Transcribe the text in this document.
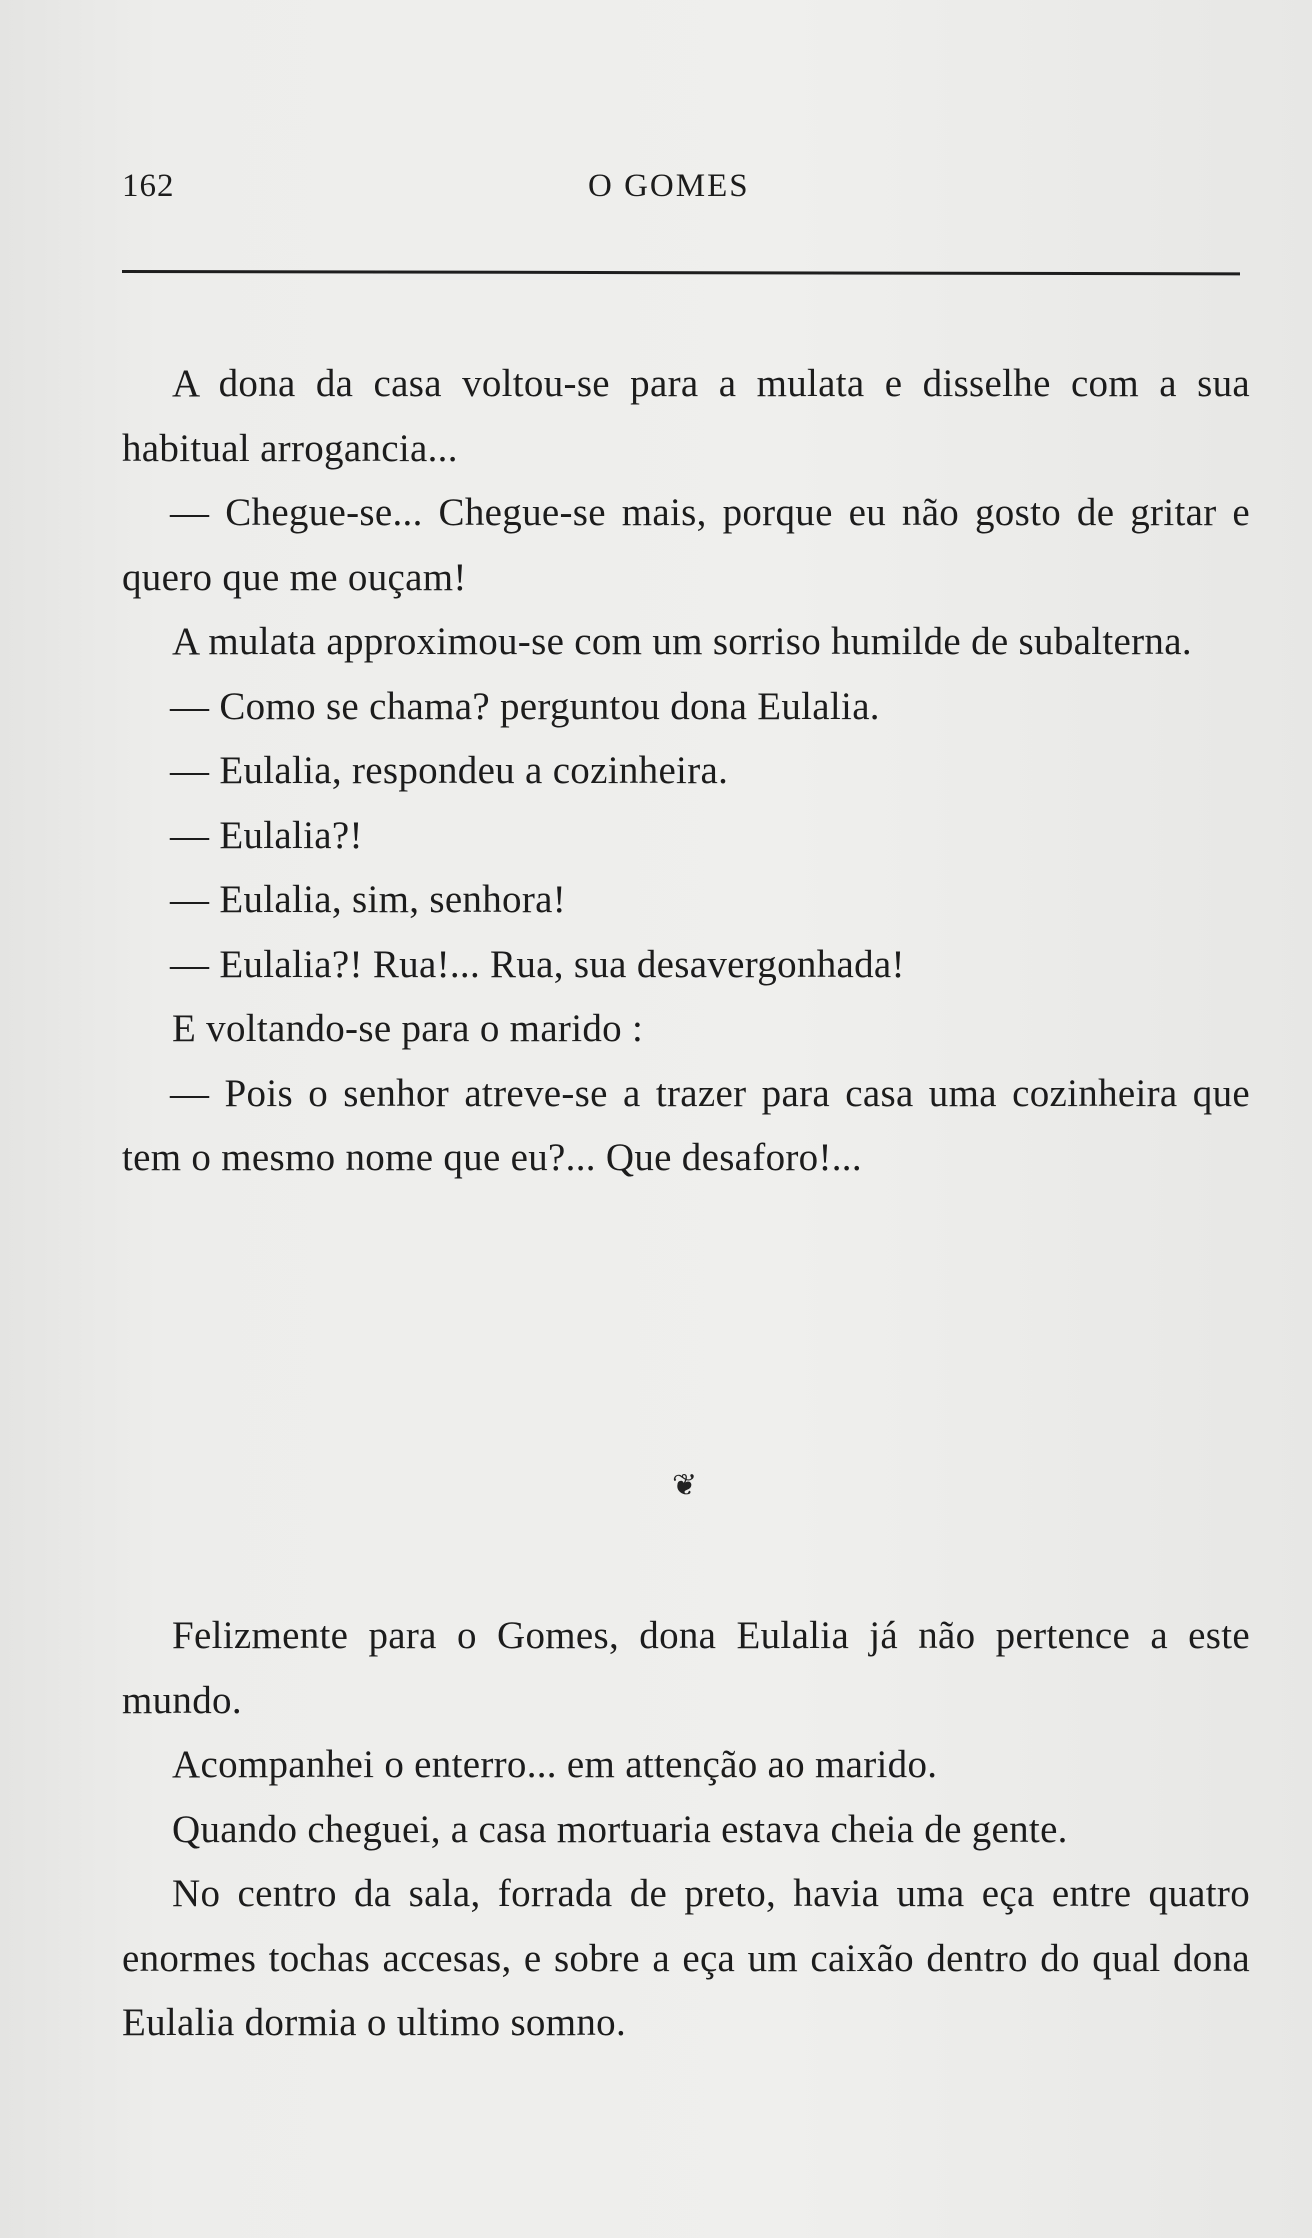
162	O GOMES

A dona da casa voltou-se para a mulata e disselhe com a sua habitual arrogancia...

— Chegue-se... Chegue-se mais, porque eu não gosto de gritar e quero que me ouçam!

A mulata approximou-se com um sorriso humilde de subalterna.

— Como se chama? perguntou dona Eulalia.

— Eulalia, respondeu a cozinheira.

— Eulalia?!

— Eulalia, sim, senhora!

— Eulalia?! Rua!... Rua, sua desavergonhada!

E voltando-se para o marido :

— Pois o senhor atreve-se a trazer para casa uma cozinheira que tem o mesmo nome que eu?... Que desaforo!...

❦

Felizmente para o Gomes, dona Eulalia já não pertence a este mundo.

Acompanhei o enterro... em attenção ao marido.

Quando cheguei, a casa mortuaria estava cheia de gente.

No centro da sala, forrada de preto, havia uma eça entre quatro enormes tochas accesas, e sobre a eça um caixão dentro do qual dona Eulalia dormia o ultimo somno.
